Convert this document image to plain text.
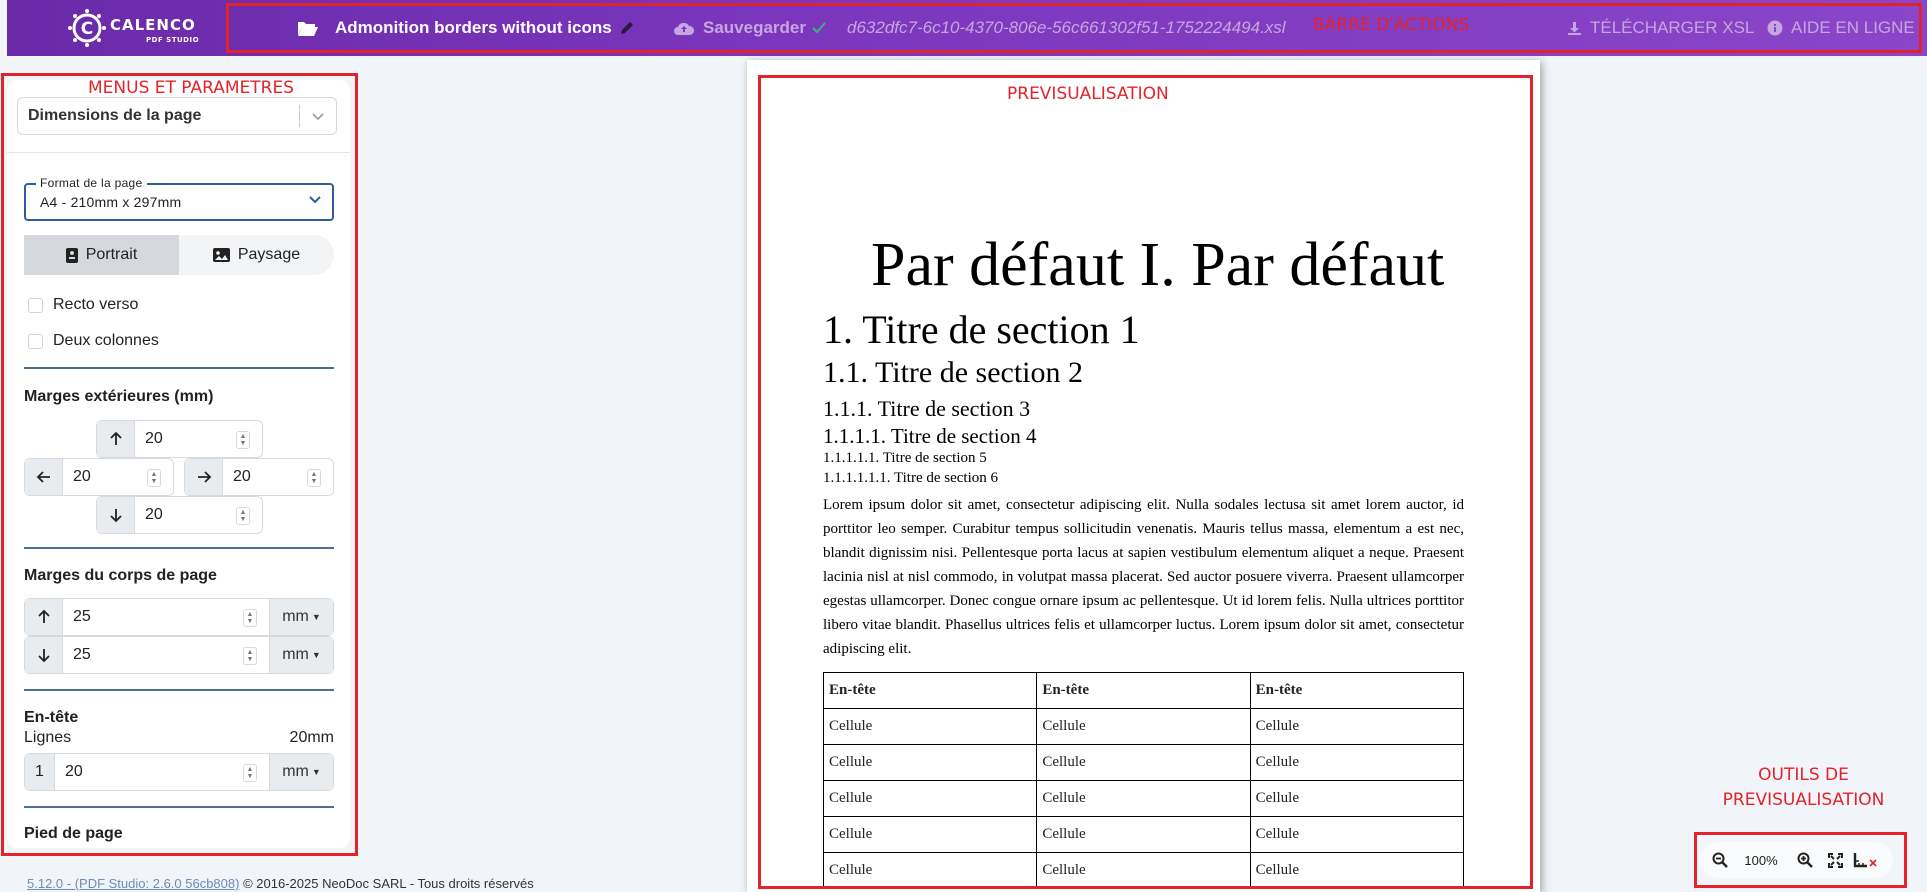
C CALENCO
PDF STUDIO
Admonition borders without icons	Sauvegarder d632dfc7-6c10-4370-806e-56c661302f51-1752224494.xsl	TÉLÉCHARGER XSL AIDE EN LIGNE
Dimensions de la page
Format de la page
A4 - 210mm x 297mm
Portrait	Paysage
Recto verso
Deux colonnes
Marges extérieures (mm)
20	▲
▼
20	▲
▼	20	▲
▼
20	▲
▼
Marges du corps de page
25	▲
▼ mm ▼
25	▲
▼ mm ▼
En-tête
Lignes	20mm
1	20	▲
▼ mm ▼
Pied de page
5.12.0 - (PDF Studio: 2.6.0 56cb808) © 2016-2025 NeoDoc SARL - Tous droits réservés
Par défaut I. Par défaut
1. Titre de section 1
1.1. Titre de section 2
1.1.1. Titre de section 3
1.1.1.1. Titre de section 4
1.1.1.1.1. Titre de section 5
1.1.1.1.1.1. Titre de section 6
Lorem ipsum dolor sit amet, consectetur adipiscing elit. Nulla sodales lectusa sit amet lorem auctor, id porttitor leo semper. Curabitur tempus sollicitudin venenatis. Mauris tellus massa, elementum a est nec, blandit dignissim nisi. Pellentesque porta lacus at sapien vestibulum elementum aliquet a neque. Praesent lacinia nisl at nisl commodo, in volutpat massa placerat. Sed auctor posuere viverra. Praesent ullamcorper egestas ullamcorper. Donec congue ornare ipsum ac pellentesque. Ut id lorem felis. Nulla ultrices porttitor libero vitae blandit. Phasellus ultrices felis et ullamcorper luctus. Lorem ipsum dolor sit amet, consectetur adipiscing elit.
En-tête	En-tête	En-tête
Cellule	Cellule	Cellule
Cellule	Cellule	Cellule
Cellule	Cellule	Cellule
Cellule	Cellule	Cellule
Cellule	Cellule	Cellule
100%
BARRE D'ACTIONS
MENUS ET PARAMETRES	PREVISUALISATION
OUTILS DE
PREVISUALISATION
